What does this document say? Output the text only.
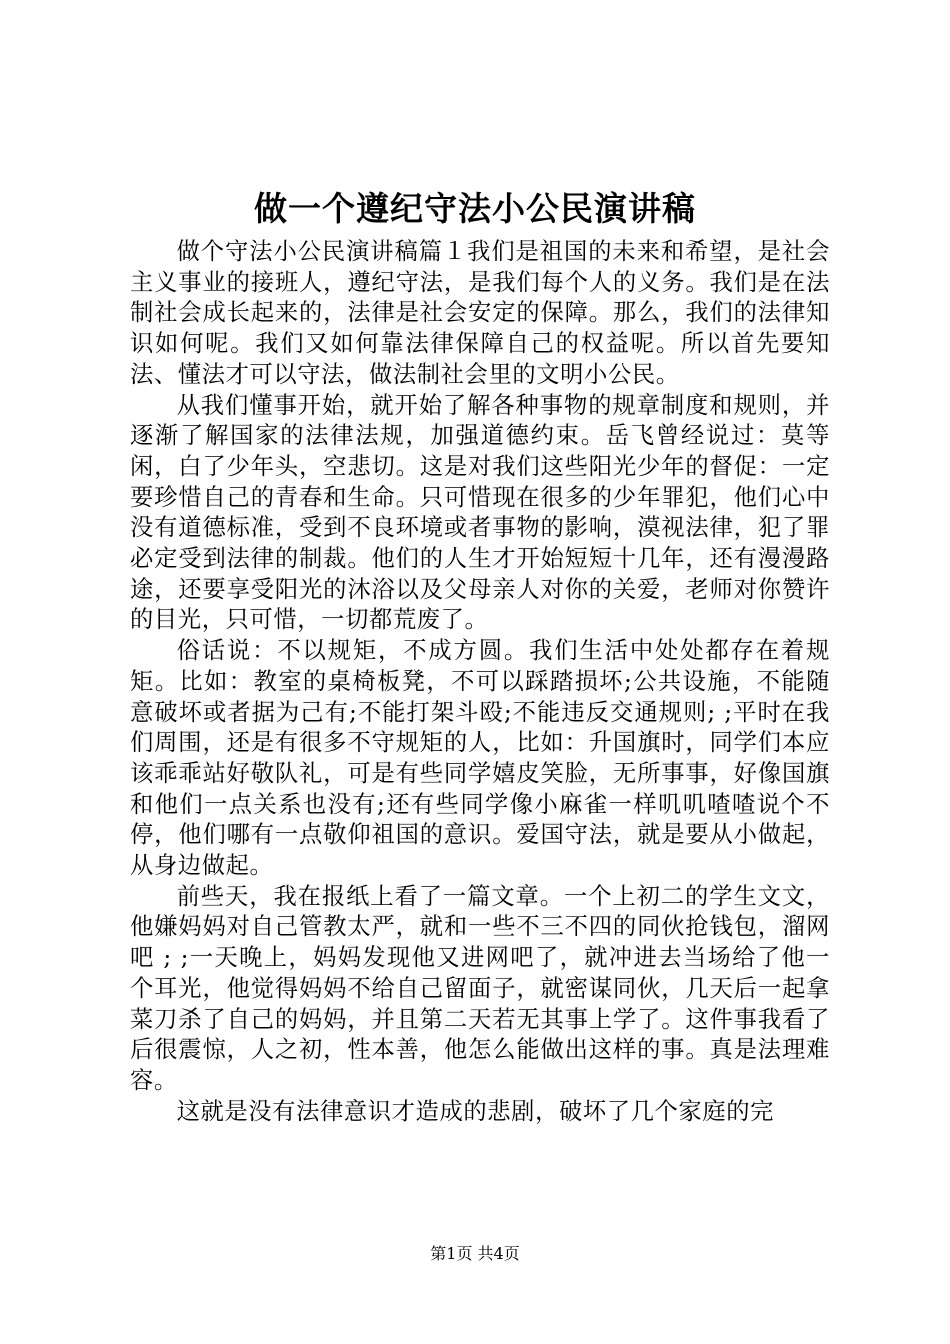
做一个遵纪守法小公民演讲稿

做个守法小公民演讲稿篇１我们是祖国的未来和希望，是社会主义事业的接班人，遵纪守法，是我们每个人的义务。我们是在法制社会成长起来的，法律是社会安定的保障。那么，我们的法律知识如何呢。我们又如何靠法律保障自己的权益呢。所以首先要知法、懂法才可以守法，做法制社会里的文明小公民。

从我们懂事开始，就开始了解各种事物的规章制度和规则，并逐渐了解国家的法律法规，加强道德约束。岳飞曾经说过：莫等闲，白了少年头，空悲切。这是对我们这些阳光少年的督促：一定要珍惜自己的青春和生命。只可惜现在很多的少年罪犯，他们心中没有道德标准，受到不良环境或者事物的影响，漠视法律，犯了罪必定受到法律的制裁。他们的人生才开始短短十几年，还有漫漫路途，还要享受阳光的沐浴以及父母亲人对你的关爱，老师对你赞许的目光，只可惜，一切都荒废了。

俗话说：不以规矩，不成方圆。我们生活中处处都存在着规矩。比如：教室的桌椅板凳，不可以踩踏损坏;公共设施，不能随意破坏或者据为己有;不能打架斗殴;不能违反交通规则; ;平时在我们周围，还是有很多不守规矩的人，比如：升国旗时，同学们本应该乖乖站好敬队礼，可是有些同学嬉皮笑脸，无所事事，好像国旗和他们一点关系也没有;还有些同学像小麻雀一样叽叽喳喳说个不停，他们哪有一点敬仰祖国的意识。爱国守法，就是要从小做起，从身边做起。

前些天，我在报纸上看了一篇文章。一个上初二的学生文文，他嫌妈妈对自己管教太严，就和一些不三不四的同伙抢钱包，溜网吧 ; ;一天晚上，妈妈发现他又进网吧了，就冲进去当场给了他一个耳光，他觉得妈妈不给自己留面子，就密谋同伙，几天后一起拿菜刀杀了自己的妈妈，并且第二天若无其事上学了。这件事我看了后很震惊，人之初，性本善，他怎么能做出这样的事。真是法理难容。

这就是没有法律意识才造成的悲剧，破坏了几个家庭的完

第1页 共4页
